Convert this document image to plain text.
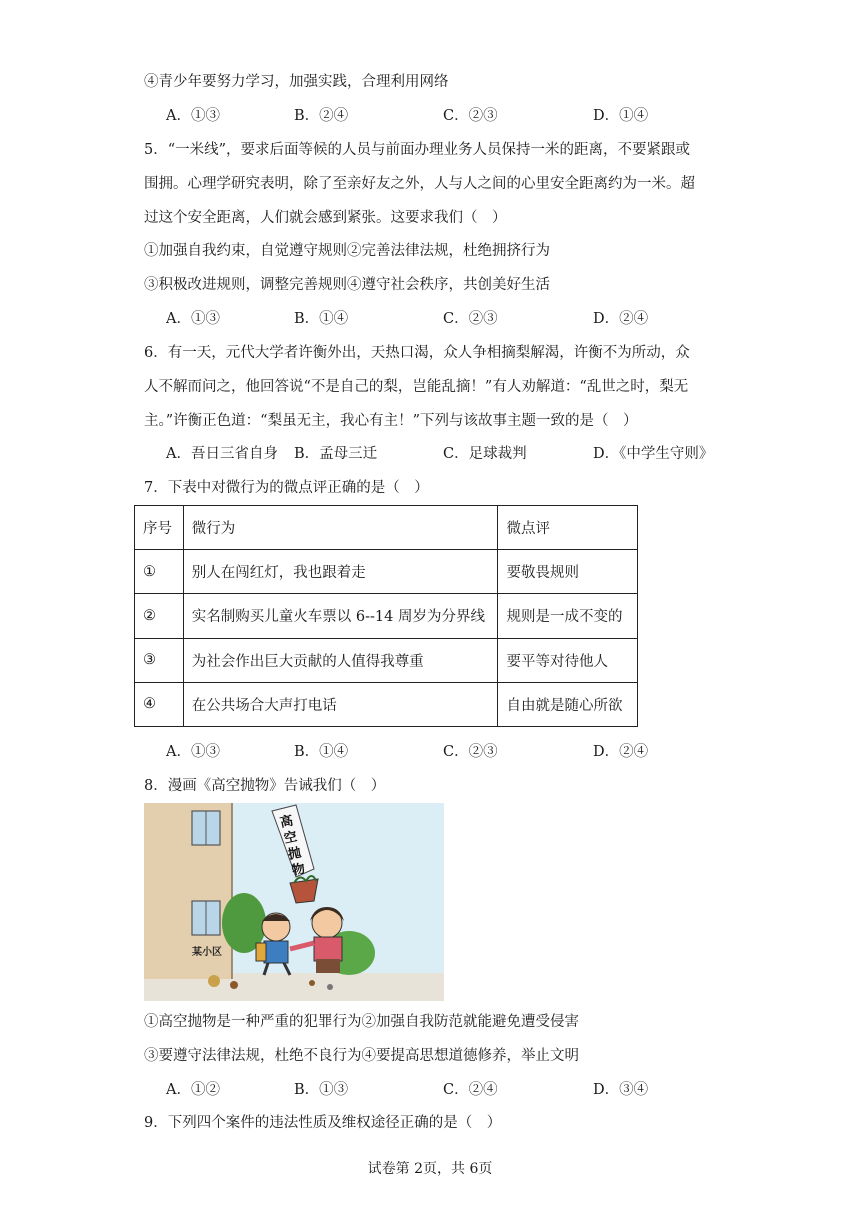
④青少年要努力学习，加强实践，合理利用网络
A．①③	B．②④	C．②③	D．①④
5．“一米线”，要求后面等候的人员与前面办理业务人员保持一米的距离，不要紧跟或
围拥。心理学研究表明，除了至亲好友之外，人与人之间的心里安全距离约为一米。超
过这个安全距离，人们就会感到紧张。这要求我们（　）
①加强自我约束，自觉遵守规则②完善法律法规，杜绝拥挤行为
③积极改进规则，调整完善规则④遵守社会秩序，共创美好生活
A．①③	B．①④	C．②③	D．②④
6．有一天，元代大学者许衡外出，天热口渴，众人争相摘梨解渴，许衡不为所动，众
人不解而问之，他回答说“不是自己的梨，岂能乱摘！”有人劝解道：“乱世之时，梨无
主。”许衡正色道：“梨虽无主，我心有主！”下列与该故事主题一致的是（　）
A．吾日三省自身 B．孟母三迁	C．足球裁判	D．《中学生守则》
7．下表中对微行为的微点评正确的是（　）
序号	微行为	微点评
①	别人在闯红灯，我也跟着走	要敬畏规则
②	实名制购买儿童火车票以 6--14 周岁为分界线	规则是一成不变的
③	为社会作出巨大贡献的人值得我尊重	要平等对待他人
④	在公共场合大声打电话	自由就是随心所欲
A．①③	B．①④	C．②③	D．②④
8．漫画《高空抛物》告诫我们（　）
某小区
高
空
抛
物
①高空抛物是一种严重的犯罪行为②加强自我防范就能避免遭受侵害
③要遵守法律法规，杜绝不良行为④要提高思想道德修养，举止文明
A．①②	B．①③	C．②④	D．③④
9．下列四个案件的违法性质及维权途径正确的是（　）
试卷第 2页，共 6页
